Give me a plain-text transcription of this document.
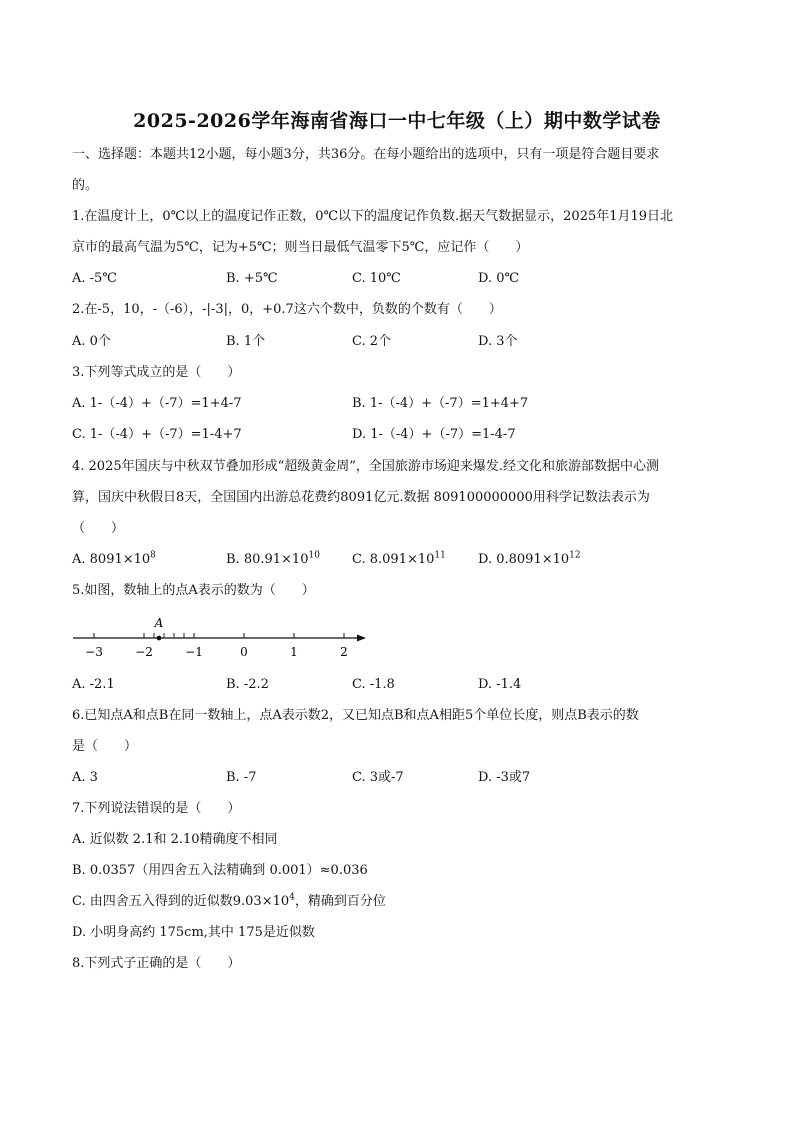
2025-2026学年海南省海口一中七年级（上）期中数学试卷
一、选择题：本题共12小题，每小题3分，共36分。在每小题给出的选项中，只有一项是符合题目要求
的。
1.在温度计上，0℃以上的温度记作正数，0℃以下的温度记作负数.据天气数据显示，2025年1月19日北
京市的最高气温为5℃，记为+5℃；则当日最低气温零下5℃，应记作（　　）
A. -5℃	B. +5℃	C. 10℃	D. 0℃
2.在-5，10，-（-6），-|-3|，0，+0.7这六个数中，负数的个数有（　　）
A. 0个	B. 1个	C. 2个	D. 3个
3.下列等式成立的是（　　）
A. 1-（-4）+（-7）=1+4-7	B. 1-（-4）+（-7）=1+4+7
C. 1-（-4）+（-7）=1-4+7	D. 1-（-4）+（-7）=1-4-7
4. 2025年国庆与中秋双节叠加形成“超级黄金周”，全国旅游市场迎来爆发.经文化和旅游部数据中心测
算，国庆中秋假日8天，全国国内出游总花费约8091亿元.数据 809100000000用科学记数法表示为
（　　）
A. $8091\times 10^8$	B. $80.91\times 10^{10}$ C. $8.091\times 10^{11}$ D. $0.8091\times 10^{12}$
5.如图，数轴上的点A表示的数为（　　）
−3	−2	−1	0	1	2
A
A. -2.1	B. -2.2	C. -1.8	D. -1.4
6.已知点A和点B在同一数轴上，点A表示数2，又已知点B和点A相距5个单位长度，则点B表示的数
是（　　）
A. 3	B. -7	C. 3或-7	D. -3或7
7.下列说法错误的是（　　）
A. 近似数 2.1和 2.10精确度不相同
B. 0.0357（用四舍五入法精确到 0.001）≈0.036
C. 由四舍五入得到的近似数$9.03\times 10^4$，精确到百分位
D. 小明身高约 175cm,其中 175是近似数
8.下列式子正确的是（　　）
